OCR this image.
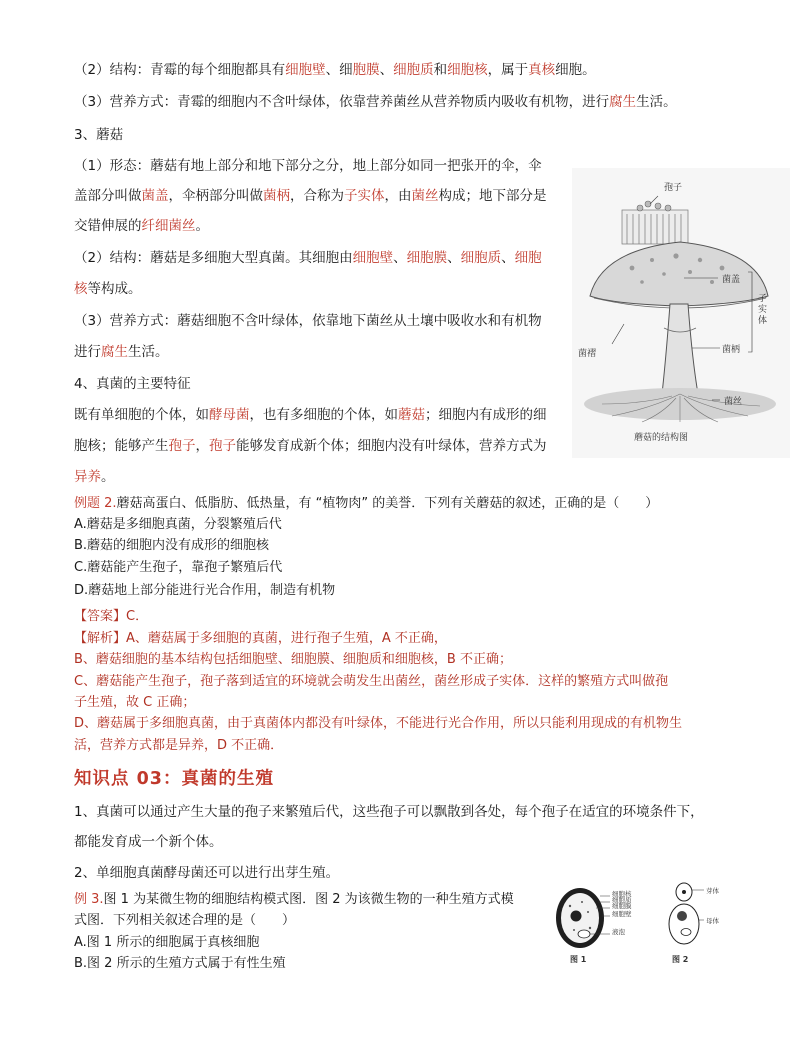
（2）结构：青霉的每个细胞都具有细胞壁、细胞膜、细胞质和细胞核，属于真核细胞。
（3）营养方式：青霉的细胞内不含叶绿体，依靠营养菌丝从营养物质内吸收有机物，进行腐生生活。
3、蘑菇
（1）形态：蘑菇有地上部分和地下部分之分，地上部分如同一把张开的伞，伞
盖部分叫做菌盖，伞柄部分叫做菌柄，合称为子实体，由菌丝构成；地下部分是
交错伸展的纤细菌丝。
（2）结构：蘑菇是多细胞大型真菌。其细胞由细胞壁、细胞膜、细胞质、细胞
核等构成。
（3）营养方式：蘑菇细胞不含叶绿体，依靠地下菌丝从土壤中吸收水和有机物
进行腐生生活。
4、真菌的主要特征
既有单细胞的个体，如酵母菌，也有多细胞的个体，如蘑菇；细胞内有成形的细
胞核；能够产生孢子，孢子能够发育成新个体；细胞内没有叶绿体，营养方式为
异养。
例题 2.蘑菇高蛋白、低脂肪、低热量，有 “植物肉” 的美誉．下列有关蘑菇的叙述，正确的是（　　）
A.蘑菇是多细胞真菌，分裂繁殖后代
B.蘑菇的细胞内没有成形的细胞核
C.蘑菇能产生孢子，靠孢子繁殖后代
D.蘑菇地上部分能进行光合作用，制造有机物
【答案】C．
【解析】A、蘑菇属于多细胞的真菌，进行孢子生殖，A 不正确，
B、蘑菇细胞的基本结构包括细胞壁、细胞膜、细胞质和细胞核，B 不正确；
C、蘑菇能产生孢子，孢子落到适宜的环境就会萌发生出菌丝，菌丝形成子实体．这样的繁殖方式叫做孢
子生殖，故 C 正确；
D、蘑菇属于多细胞真菌，由于真菌体内都没有叶绿体，不能进行光合作用，所以只能利用现成的有机物生
活，营养方式都是异养，D 不正确．
知识点 03：真菌的生殖
1、真菌可以通过产生大量的孢子来繁殖后代，这些孢子可以飘散到各处，每个孢子在适宜的环境条件下，
都能发育成一个新个体。
2、单细胞真菌酵母菌还可以进行出芽生殖。
例 3.图 1 为某微生物的细胞结构模式图．图 2 为该微生物的一种生殖方式模
式图．下列相关叙述合理的是（　　）
A.图 1 所示的细胞属于真核细胞
B.图 2 所示的生殖方式属于有性生殖
孢子
菌盖
子实体
菌褶	菌柄
菌丝
蘑菇的结构图
细胞核
细胞质
细胞膜
细胞壁
液泡
芽体
母体
图 1	图 2
